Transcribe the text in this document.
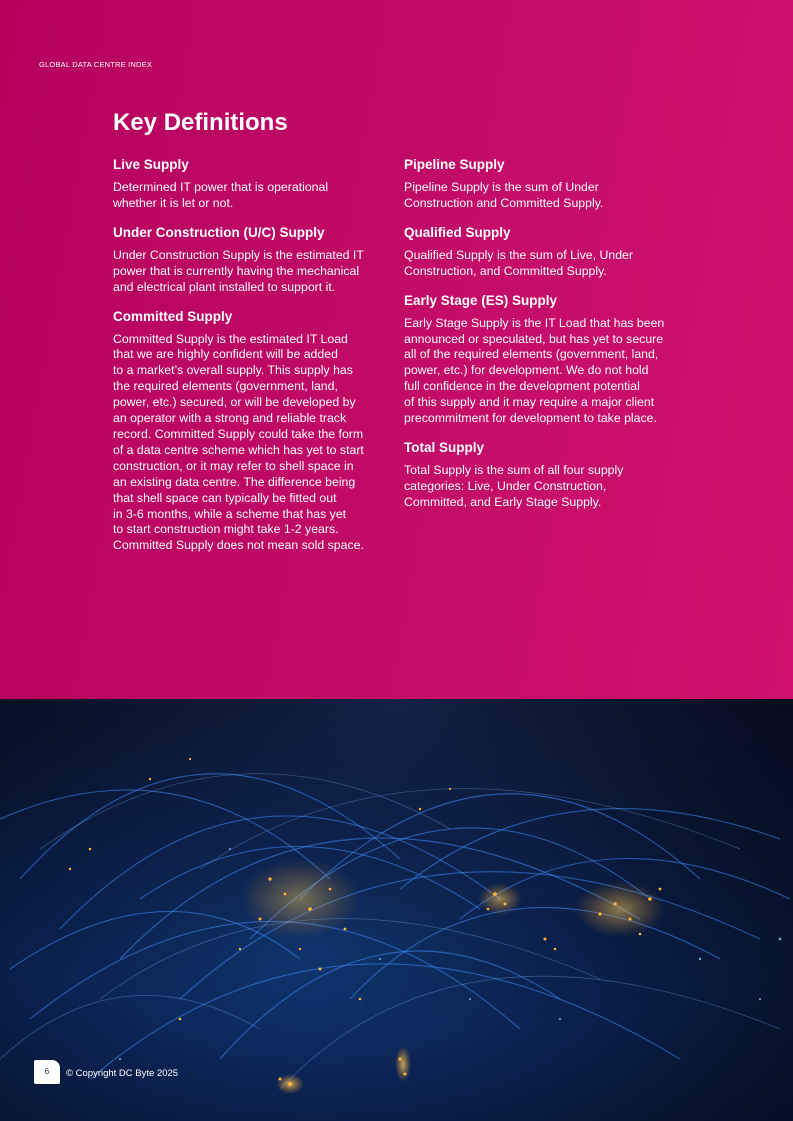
GLOBAL DATA CENTRE INDEX
Key Definitions
Live Supply

Determined IT power that is operational
whether it is let or not.

Under Construction (U/C) Supply

Under Construction Supply is the estimated IT
power that is currently having the mechanical
and electrical plant installed to support it.

Committed Supply

Committed Supply is the estimated IT Load
that we are highly confident will be added
to a market’s overall supply. This supply has
the required elements (government, land,
power, etc.) secured, or will be developed by
an operator with a strong and reliable track
record. Committed Supply could take the form
of a data centre scheme which has yet to start
construction, or it may refer to shell space in
an existing data centre. The difference being
that shell space can typically be fitted out
in 3-6 months, while a scheme that has yet
to start construction might take 1-2 years.
Committed Supply does not mean sold space.

Pipeline Supply

Pipeline Supply is the sum of Under
Construction and Committed Supply.

Qualified Supply

Qualified Supply is the sum of Live, Under
Construction, and Committed Supply.

Early Stage (ES) Supply

Early Stage Supply is the IT Load that has been
announced or speculated, but has yet to secure
all of the required elements (government, land,
power, etc.) for development. We do not hold
full confidence in the development potential
of this supply and it may require a major client
precommitment for development to take place.

Total Supply

Total Supply is the sum of all four supply
categories: Live, Under Construction,
Committed, and Early Stage Supply.

6	© Copyright DC Byte 2025
